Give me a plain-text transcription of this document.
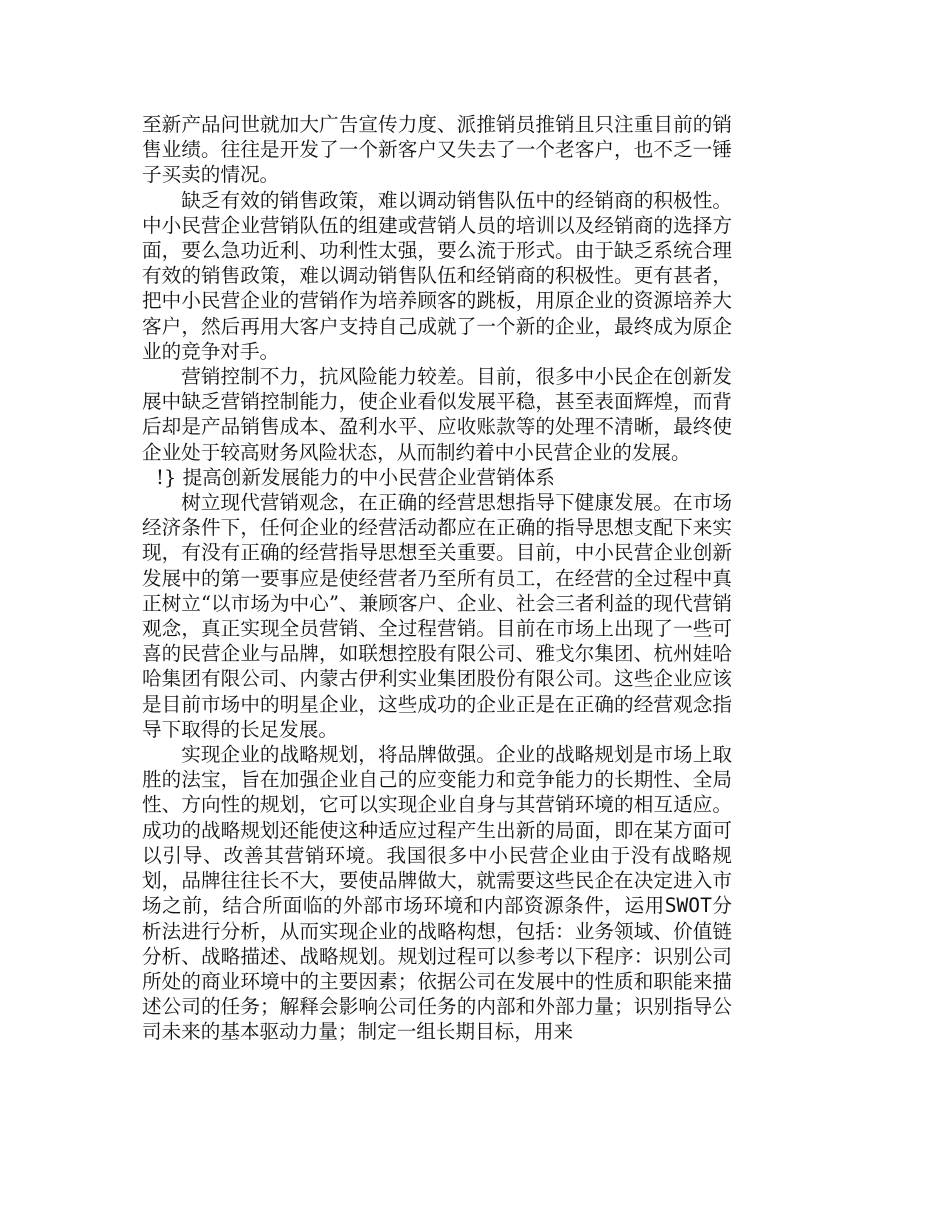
至新产品问世就加大广告宣传力度、派推销员推销且只注重目前的销售业绩。往往是开发了一个新客户又失去了一个老客户，也不乏一锤子买卖的情况。

缺乏有效的销售政策，难以调动销售队伍中的经销商的积极性。中小民营企业营销队伍的组建或营销人员的培训以及经销商的选择方面，要么急功近利、功利性太强，要么流于形式。由于缺乏系统合理有效的销售政策，难以调动销售队伍和经销商的积极性。更有甚者，把中小民营企业的营销作为培养顾客的跳板，用原企业的资源培养大客户，然后再用大客户支持自己成就了一个新的企业，最终成为原企业的竞争对手。

营销控制不力，抗风险能力较差。目前，很多中小民企在创新发展中缺乏营销控制能力，使企业看似发展平稳，甚至表面辉煌，而背后却是产品销售成本、盈利水平、应收账款等的处理不清晰，最终使企业处于较高财务风险状态，从而制约着中小民营企业的发展。

!} 提高创新发展能力的中小民营企业营销体系

树立现代营销观念，在正确的经营思想指导下健康发展。在市场经济条件下，任何企业的经营活动都应在正确的指导思想支配下来实现，有没有正确的经营指导思想至关重要。目前，中小民营企业创新发展中的第一要事应是使经营者乃至所有员工，在经营的全过程中真正树立“以市场为中心”、兼顾客户、企业、社会三者利益的现代营销观念，真正实现全员营销、全过程营销。目前在市场上出现了一些可喜的民营企业与品牌，如联想控股有限公司、雅戈尔集团、杭州娃哈哈集团有限公司、内蒙古伊利实业集团股份有限公司。这些企业应该是目前市场中的明星企业，这些成功的企业正是在正确的经营观念指导下取得的长足发展。

实现企业的战略规划，将品牌做强。企业的战略规划是市场上取胜的法宝，旨在加强企业自己的应变能力和竞争能力的长期性、全局性、方向性的规划，它可以实现企业自身与其营销环境的相互适应。成功的战略规划还能使这种适应过程产生出新的局面，即在某方面可以引导、改善其营销环境。我国很多中小民营企业由于没有战略规划，品牌往往长不大，要使品牌做大，就需要这些民企在决定进入市场之前，结合所面临的外部市场环境和内部资源条件，运用SWOT分析法进行分析，从而实现企业的战略构想，包括：业务领域、价值链分析、战略描述、战略规划。规划过程可以参考以下程序：识别公司所处的商业环境中的主要因素；依据公司在发展中的性质和职能来描述公司的任务；解释会影响公司任务的内部和外部力量；识别指导公司未来的基本驱动力量；制定一组长期目标，用来
